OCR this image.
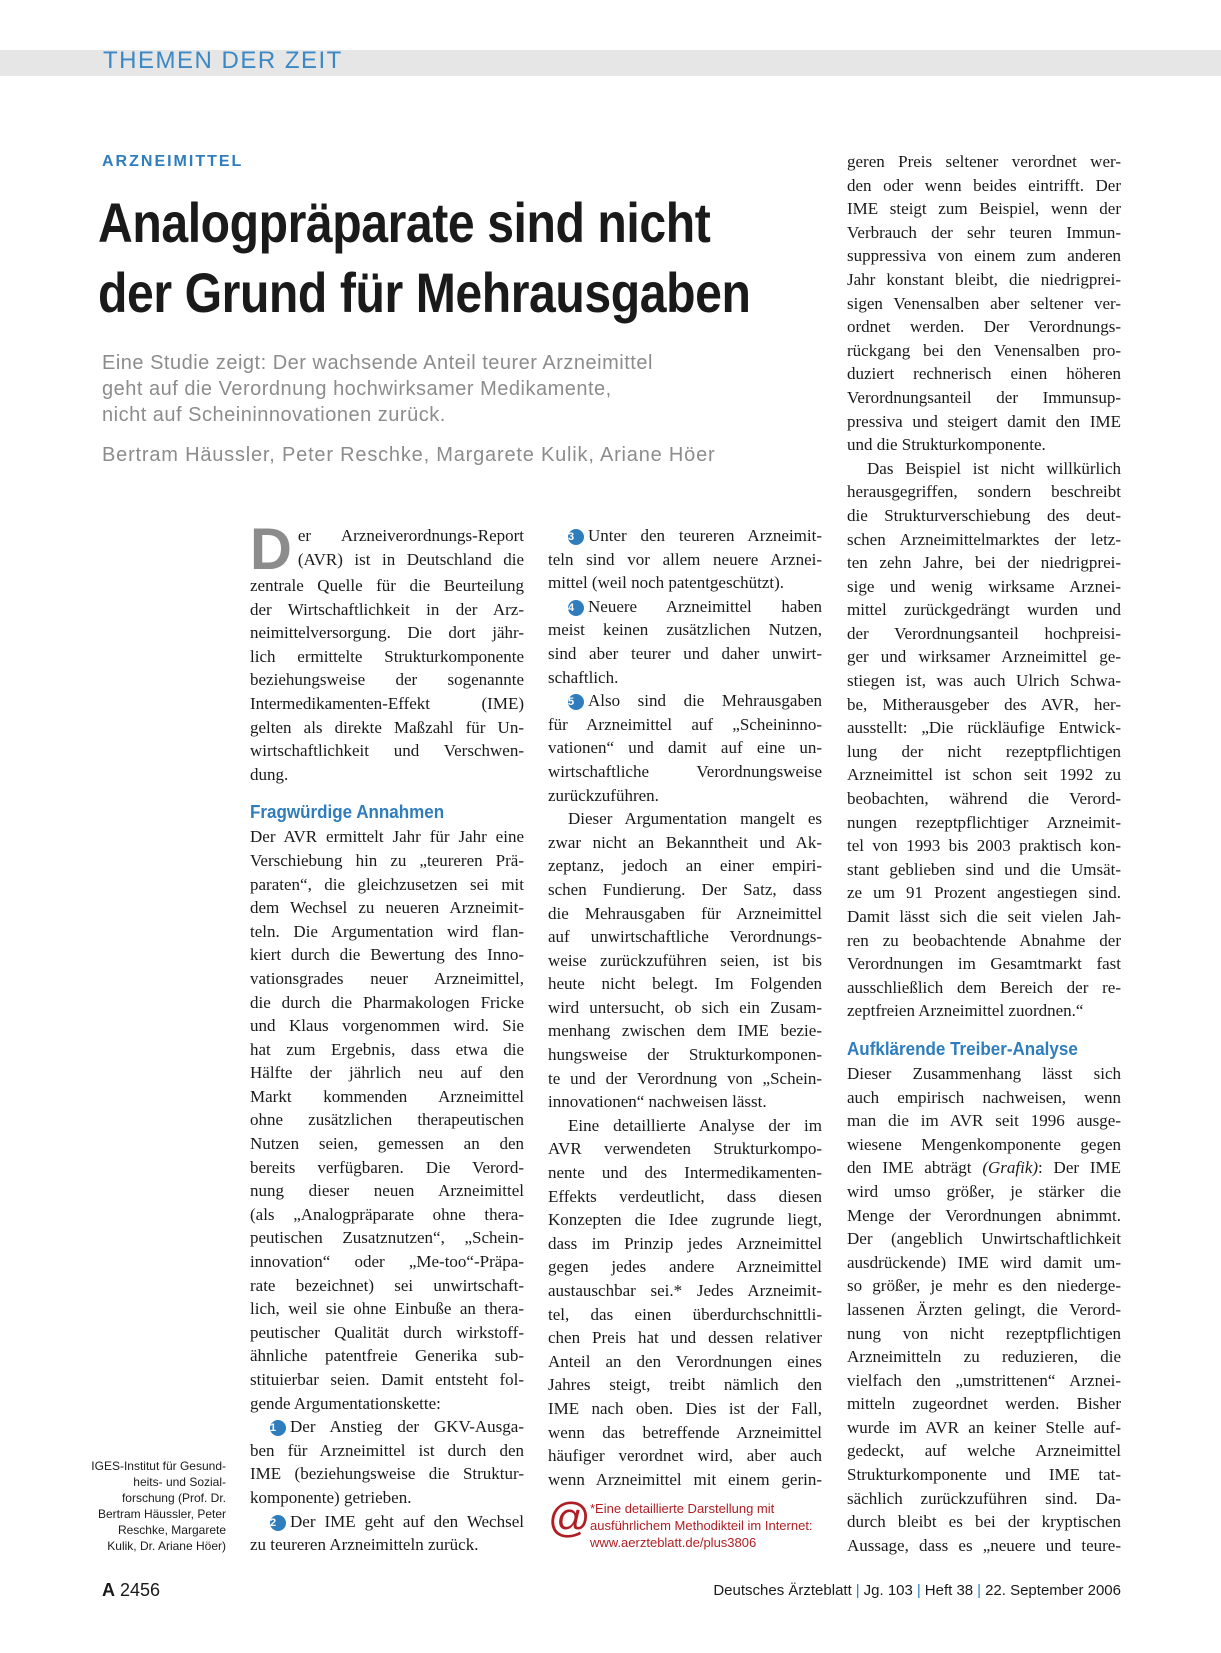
THEMEN DER ZEIT
ARZNEIMITTEL
Analogpräparate sind nicht
der Grund für Mehrausgaben
Eine Studie zeigt: Der wachsende Anteil teurer Arzneimittel
geht auf die Verordnung hochwirksamer Medikamente,
nicht auf Scheininnovationen zurück.
Bertram Häussler, Peter Reschke, Margarete Kulik, Ariane Höer
D er Arzneiverordnungs-Report
(AVR) ist in Deutschland die
zentrale Quelle für die Beurteilung
der Wirtschaftlichkeit in der Arz-
neimittelversorgung. Die dort jähr-
lich ermittelte Strukturkomponente
beziehungsweise der sogenannte
Intermedikamenten-Effekt (IME)
gelten als direkte Maßzahl für Un-
wirtschaftlichkeit und Verschwen-
dung.
Fragwürdige Annahmen
Der AVR ermittelt Jahr für Jahr eine
Verschiebung hin zu „teureren Prä-
paraten“, die gleichzusetzen sei mit
dem Wechsel zu neueren Arzneimit-
teln. Die Argumentation wird flan-
kiert durch die Bewertung des Inno-
vationsgrades neuer Arzneimittel,
die durch die Pharmakologen Fricke
und Klaus vorgenommen wird. Sie
hat zum Ergebnis, dass etwa die
Hälfte der jährlich neu auf den
Markt kommenden Arzneimittel
ohne zusätzlichen therapeutischen
Nutzen seien, gemessen an den
bereits verfügbaren. Die Verord-
nung dieser neuen Arzneimittel
(als „Analogpräparate ohne thera-
peutischen Zusatznutzen“, „Schein-
innovation“ oder „Me-too“-Präpa-
rate bezeichnet) sei unwirtschaft-
lich, weil sie ohne Einbuße an thera-
peutischer Qualität durch wirkstoff-
ähnliche patentfreie Generika sub-
stituierbar seien. Damit entsteht fol-
gende Argumentationskette:
1 Der Anstieg der GKV-Ausga-
ben für Arzneimittel ist durch den
IME (beziehungsweise die Struktur-
komponente) getrieben.
2 Der IME geht auf den Wechsel
zu teureren Arzneimitteln zurück.
3 Unter den teureren Arzneimit-
teln sind vor allem neuere Arznei-
mittel (weil noch patentgeschützt).
4 Neuere Arzneimittel haben
meist keinen zusätzlichen Nutzen,
sind aber teurer und daher unwirt-
schaftlich.
5 Also sind die Mehrausgaben
für Arzneimittel auf „Scheininno-
vationen“ und damit auf eine un-
wirtschaftliche Verordnungsweise
zurückzuführen.
Dieser Argumentation mangelt es
zwar nicht an Bekanntheit und Ak-
zeptanz, jedoch an einer empiri-
schen Fundierung. Der Satz, dass
die Mehrausgaben für Arzneimittel
auf unwirtschaftliche Verordnungs-
weise zurückzuführen seien, ist bis
heute nicht belegt. Im Folgenden
wird untersucht, ob sich ein Zusam-
menhang zwischen dem IME bezie-
hungsweise der Strukturkomponen-
te und der Verordnung von „Schein-
innovationen“ nachweisen lässt.
Eine detaillierte Analyse der im
AVR verwendeten Strukturkompo-
nente und des Intermedikamenten-
Effekts verdeutlicht, dass diesen
Konzepten die Idee zugrunde liegt,
dass im Prinzip jedes Arzneimittel
gegen jedes andere Arzneimittel
austauschbar sei.* Jedes Arzneimit-
tel, das einen überdurchschnittli-
chen Preis hat und dessen relativer
Anteil an den Verordnungen eines
Jahres steigt, treibt nämlich den
IME nach oben. Dies ist der Fall,
wenn das betreffende Arzneimittel
häufiger verordnet wird, aber auch
wenn Arzneimittel mit einem gerin-
geren Preis seltener verordnet wer-
den oder wenn beides eintrifft. Der
IME steigt zum Beispiel, wenn der
Verbrauch der sehr teuren Immun-
suppressiva von einem zum anderen
Jahr konstant bleibt, die niedrigprei-
sigen Venensalben aber seltener ver-
ordnet werden. Der Verordnungs-
rückgang bei den Venensalben pro-
duziert rechnerisch einen höheren
Verordnungsanteil der Immunsup-
pressiva und steigert damit den IME
und die Strukturkomponente.
Das Beispiel ist nicht willkürlich
herausgegriffen, sondern beschreibt
die Strukturverschiebung des deut-
schen Arzneimittelmarktes der letz-
ten zehn Jahre, bei der niedrigprei-
sige und wenig wirksame Arznei-
mittel zurückgedrängt wurden und
der Verordnungsanteil hochpreisi-
ger und wirksamer Arzneimittel ge-
stiegen ist, was auch Ulrich Schwa-
be, Mitherausgeber des AVR, her-
ausstellt: „Die rückläufige Entwick-
lung der nicht rezeptpflichtigen
Arzneimittel ist schon seit 1992 zu
beobachten, während die Verord-
nungen rezeptpflichtiger Arzneimit-
tel von 1993 bis 2003 praktisch kon-
stant geblieben sind und die Umsät-
ze um 91 Prozent angestiegen sind.
Damit lässt sich die seit vielen Jah-
ren zu beobachtende Abnahme der
Verordnungen im Gesamtmarkt fast
ausschließlich dem Bereich der re-
zeptfreien Arzneimittel zuordnen.“
Aufklärende Treiber-Analyse
Dieser Zusammenhang lässt sich
auch empirisch nachweisen, wenn
man die im AVR seit 1996 ausge-
wiesene Mengenkomponente gegen
den IME abträgt (Grafik): Der IME
wird umso größer, je stärker die
Menge der Verordnungen abnimmt.
Der (angeblich Unwirtschaftlichkeit
ausdrückende) IME wird damit um-
so größer, je mehr es den niederge-
lassenen Ärzten gelingt, die Verord-
nung von nicht rezeptpflichtigen
Arzneimitteln zu reduzieren, die
vielfach den „umstrittenen“ Arznei-
mitteln zugeordnet werden. Bisher
wurde im AVR an keiner Stelle auf-
gedeckt, auf welche Arzneimittel
Strukturkomponente und IME tat-
sächlich zurückzuführen sind. Da-
durch bleibt es bei der kryptischen
Aussage, dass es „neuere und teure-
IGES-Institut für Gesund-
heits- und Sozial-
forschung (Prof. Dr.
Bertram Häussler, Peter
Reschke, Margarete
Kulik, Dr. Ariane Höer)
@ *Eine detaillierte Darstellung mit
ausführlichem Methodikteil im Internet:
www.aerzteblatt.de/plus3806
A 2456	Deutsches Ärzteblatt | Jg. 103 | Heft 38 | 22. September 2006
